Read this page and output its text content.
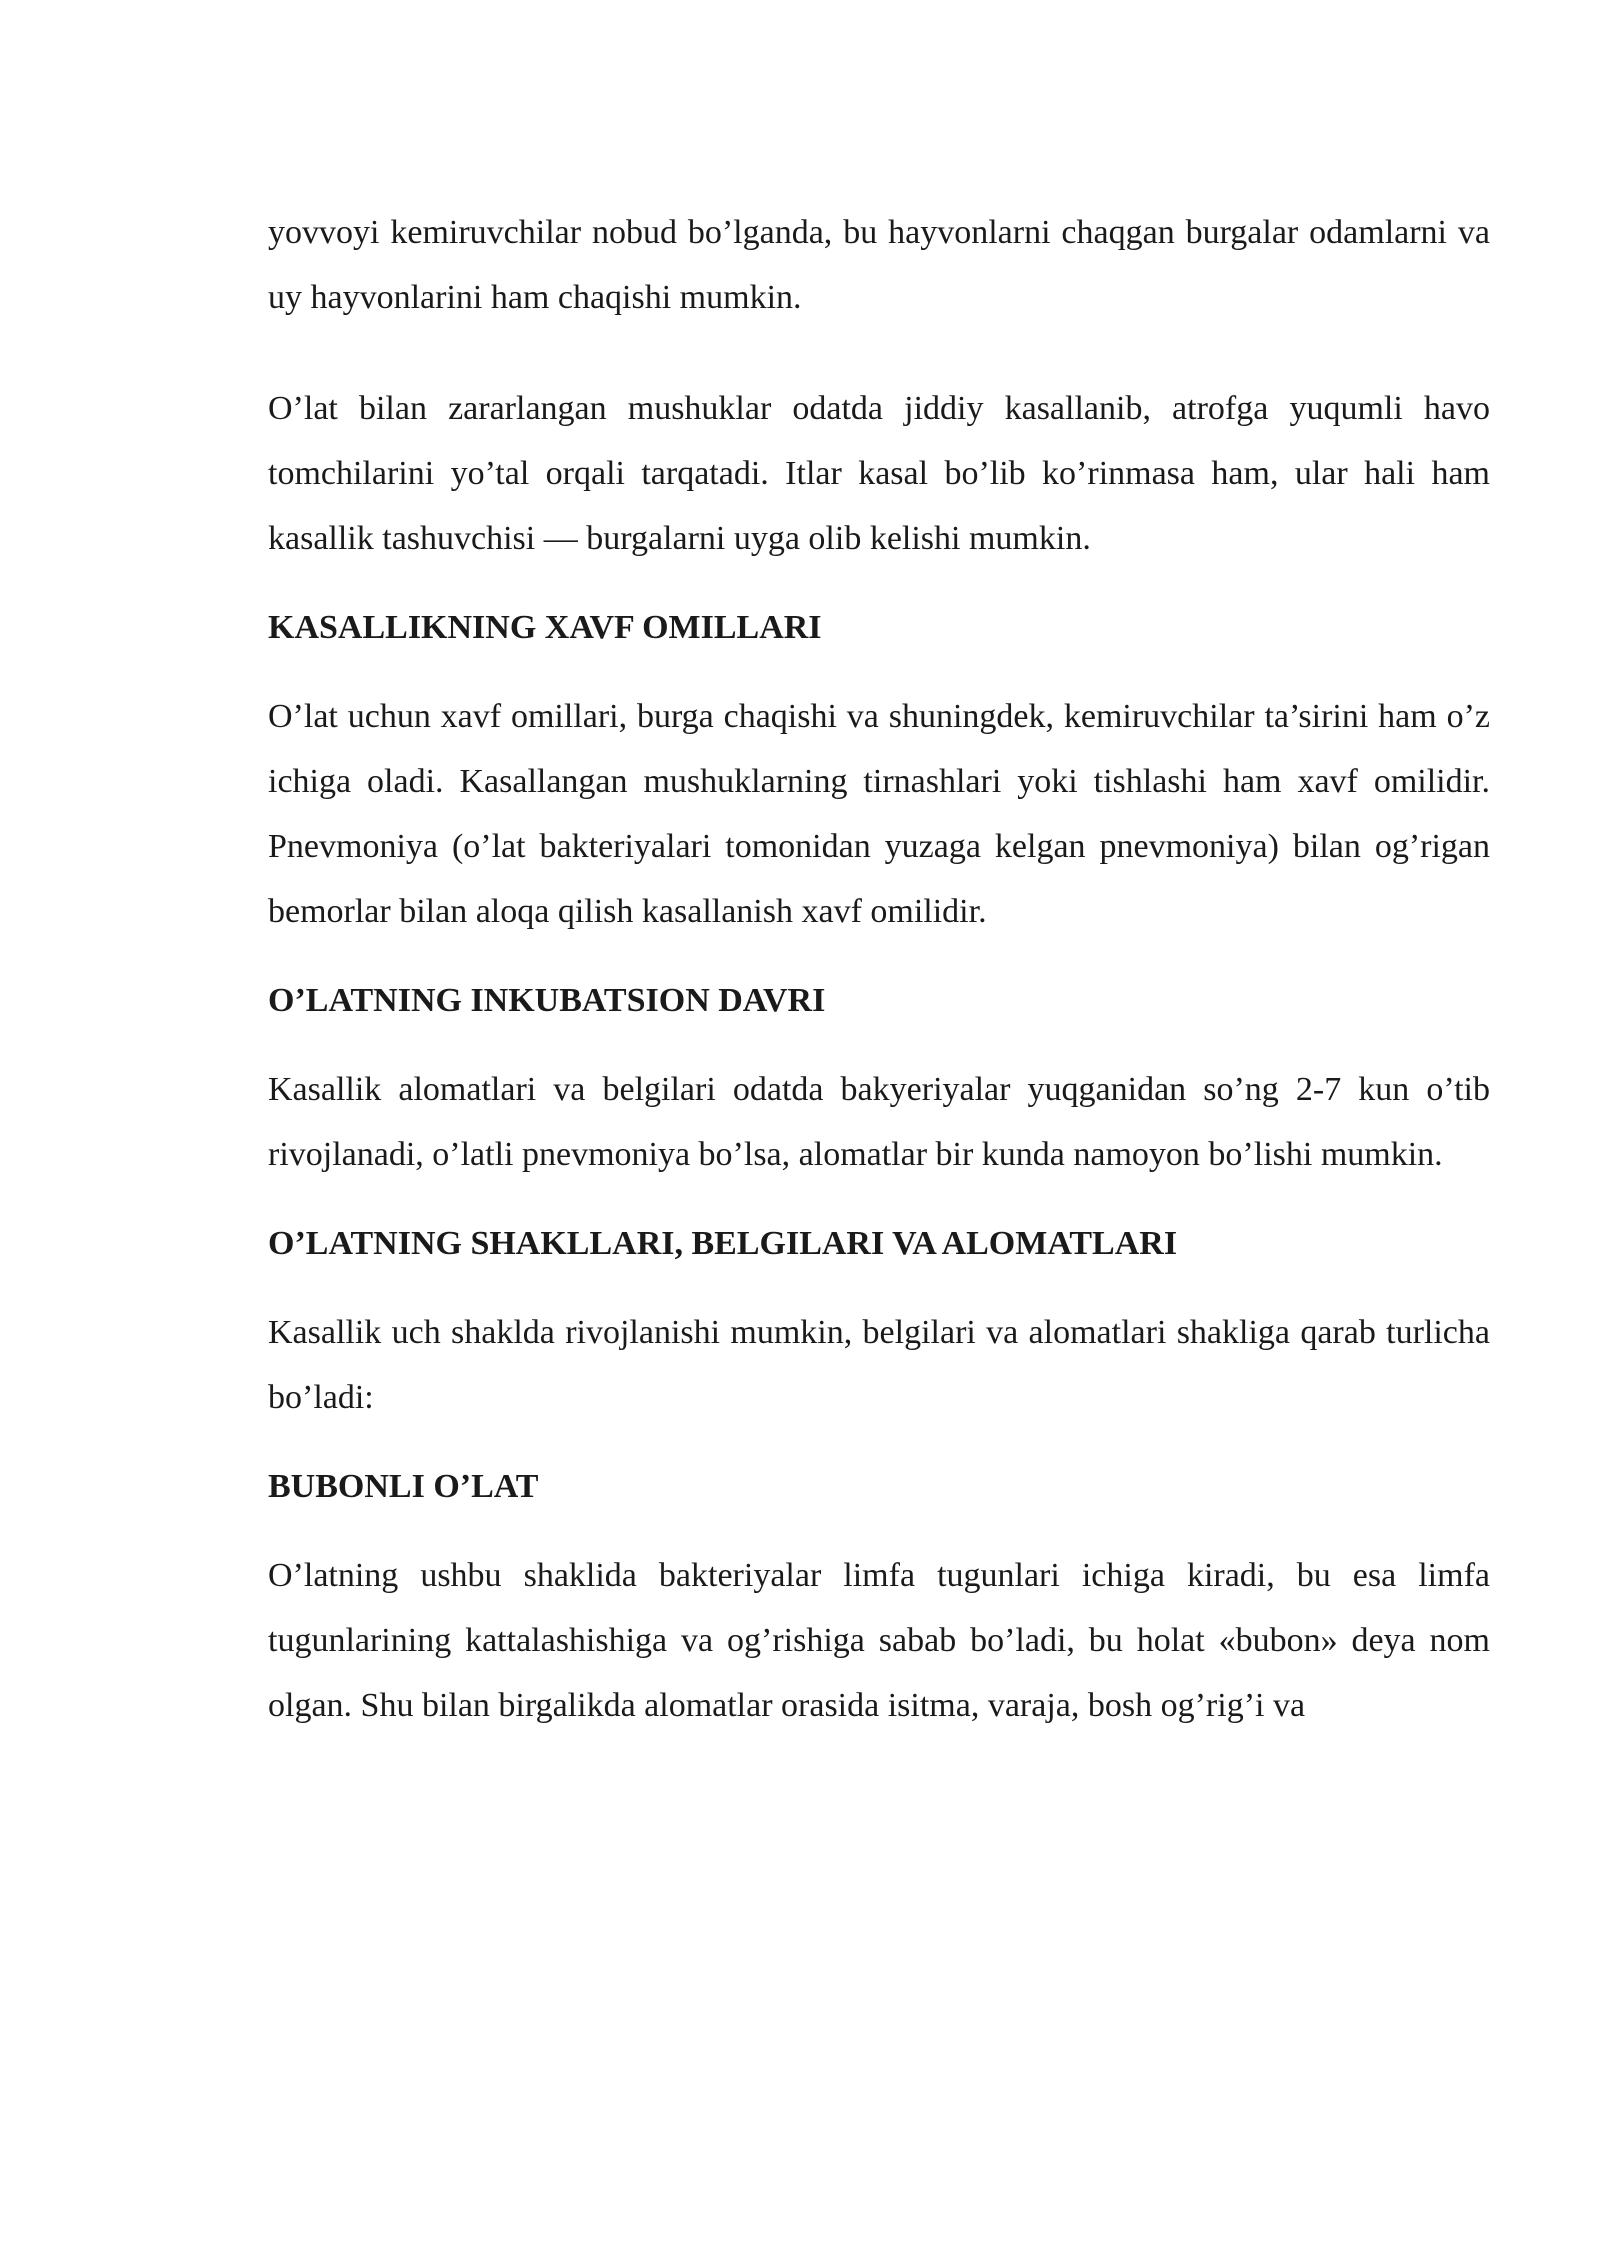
yovvoyi kemiruvchilar nobud bo’lganda, bu hayvonlarni chaqgan burgalar odamlarni va uy hayvonlarini ham chaqishi mumkin.

O’lat bilan zararlangan mushuklar odatda jiddiy kasallanib, atrofga yuqumli havo tomchilarini yo’tal orqali tarqatadi. Itlar kasal bo’lib ko’rinmasa ham, ular hali ham kasallik tashuvchisi — burgalarni uyga olib kelishi mumkin.

KASALLIKNING XAVF OMILLARI

O’lat uchun xavf omillari, burga chaqishi va shuningdek, kemiruvchilar ta’sirini ham o’z ichiga oladi. Kasallangan mushuklarning tirnashlari yoki tishlashi ham xavf omilidir. Pnevmoniya (o’lat bakteriyalari tomonidan yuzaga kelgan pnevmoniya) bilan og’rigan bemorlar bilan aloqa qilish kasallanish xavf omilidir.

O’LATNING INKUBATSION DAVRI

Kasallik alomatlari va belgilari odatda bakyeriyalar yuqganidan so’ng 2-7 kun o’tib rivojlanadi, o’latli pnevmoniya bo’lsa, alomatlar bir kunda namoyon bo’lishi mumkin.

O’LATNING SHAKLLARI, BELGILARI VA ALOMATLARI

Kasallik uch shaklda rivojlanishi mumkin, belgilari va alomatlari shakliga qarab turlicha bo’ladi:

BUBONLI O’LAT

O’latning ushbu shaklida bakteriyalar limfa tugunlari ichiga kiradi, bu esa limfa tugunlarining kattalashishiga va og’rishiga sabab bo’ladi, bu holat «bubon» deya nom olgan. Shu bilan birgalikda alomatlar orasida isitma, varaja, bosh og’rig’i va
